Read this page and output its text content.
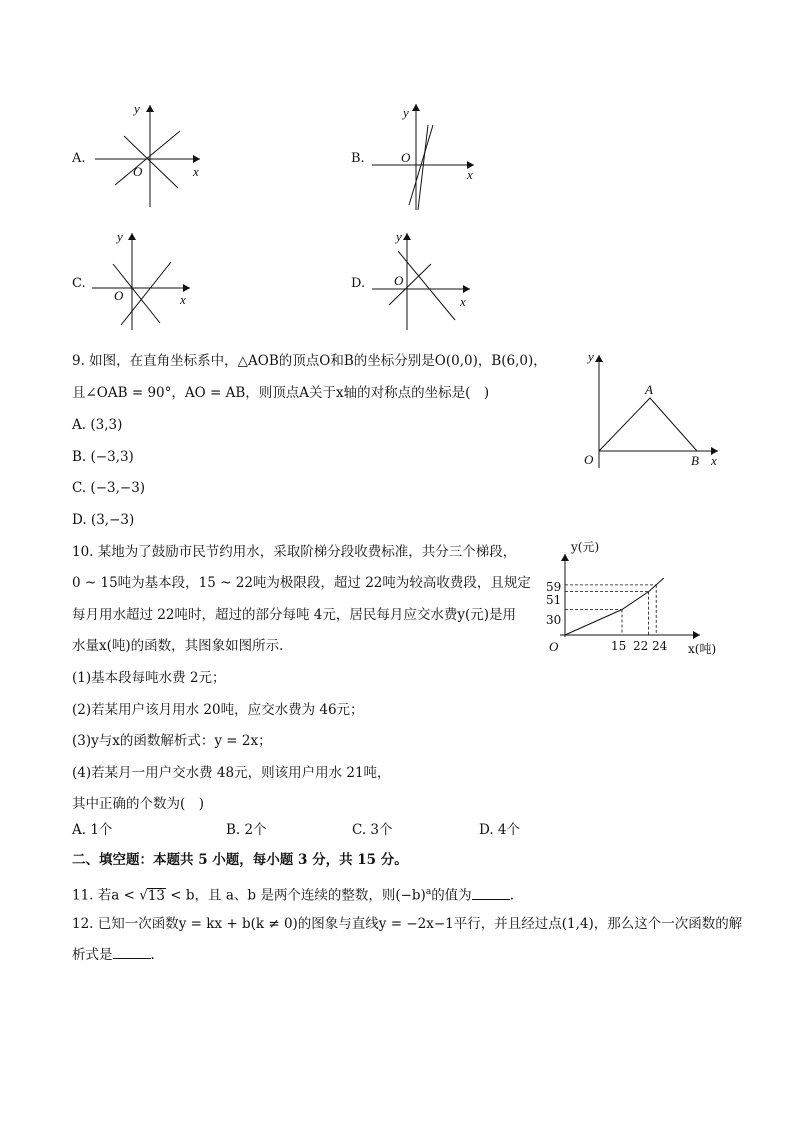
A.
y
O	x
B.
y
O
x
C.
y
O	x
D.
y
O
x
9. 如图，在直角坐标系中，△AOB的顶点O和B的坐标分别是O(0,0)，B(6,0)，
且∠OAB = 90°，AO = AB，则顶点A关于x轴的对称点的坐标是(　)
A. (3,3)
B. (−3,3)
C. (−3,−3)
D. (3,−3)
y
A
O	B x
10. 某地为了鼓励市民节约用水，采取阶梯分段收费标准，共分三个梯段，
0 ~ 15吨为基本段，15 ~ 22吨为极限段，超过 22吨为较高收费段，且规定
每月用水超过 22吨时，超过的部分每吨 4元，居民每月应交水费y(元)是用
水量x(吨)的函数，其图象如图所示.
(1)基本段每吨水费 2元；
(2)若某用户该月用水 20吨，应交水费为 46元；
(3)y与x的函数解析式：y = 2x；
(4)若某月一用户交水费 48元，则该用户用水 21吨，
其中正确的个数为(　)
A. 1个	B. 2个	C. 3个	D. 4个
y(元)
O	x(吨)
15 22 24
30
51
59
二、填空题：本题共 5 小题，每小题 3 分，共 15 分。
11. 若a < √13 < b，且 a、b 是两个连续的整数，则$(-b)^a$的值为	.
12. 已知一次函数y = kx + b(k ≠ 0)的图象与直线y = −2x−1平行，并且经过点(1,4)，那么这个一次函数的解
析式是	.
